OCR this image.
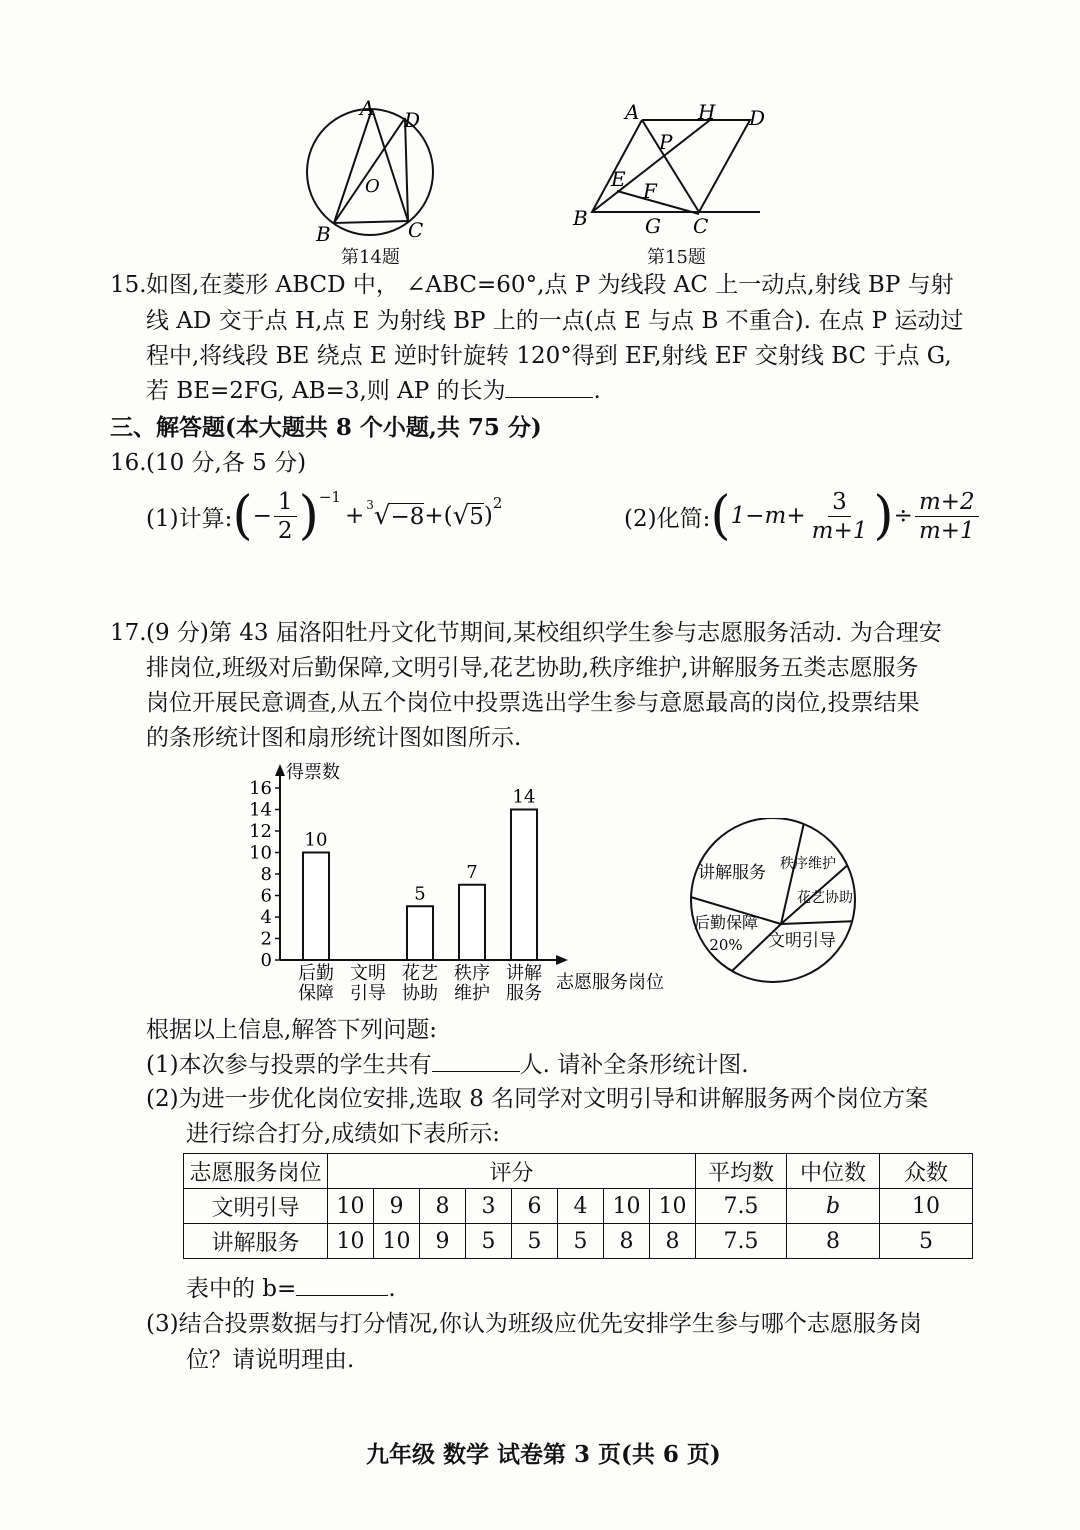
A D
O
B	C
第14题
A	H D
P
E F
B	G C
第15题
15. 如图,在菱形 ABCD 中， ∠ABC=60°,点 P 为线段 AC 上一动点,射线 BP 与射
线 AD 交于点 H,点 E 为射线 BP 上的一点(点 E 与点 B 不重合). 在点 P 运动过
程中,将线段 BE 绕点 E 逆时针旋转 120°得到 EF,射线 EF 交射线 BC 于点 G,
若 BE=2FG, AB=3,则 AP 的长为	.
三、解答题(本大题共 8 个小题,共 75 分)
16. (10 分,各 5 分)
(1)计算: ( − $\frac{1}{2} )^{-1}$
+$^3$ √ −8 +( √ 5 )$^2$
(2)化简: ( $1-m+ \frac{3}{m+1}$ ) ÷ $\frac{m+2}{m+1}$
17. (9 分)第 43 届洛阳牡丹文化节期间,某校组织学生参与志愿服务活动. 为合理安
排岗位,班级对后勤保障,文明引导,花艺协助,秩序维护,讲解服务五类志愿服务
岗位开展民意调查,从五个岗位中投票选出学生参与意愿最高的岗位,投票结果
的条形统计图和扇形统计图如图所示.
得票数
志愿服务岗位
0
2
4
6
8
10
12
14
16
10
后勤
保障
文明
引导
5
花艺
协助
7
秩序
维护
14
讲解
服务
讲解服务 秩序维护
花艺协助
文明引导
后勤保障
20%
根据以上信息,解答下列问题:
(1)本次参与投票的学生共有	人. 请补全条形统计图.
(2)为进一步优化岗位安排,选取 8 名同学对文明引导和讲解服务两个岗位方案
进行综合打分,成绩如下表所示:
志愿服务岗位	评分								平均数	中位数	众数
文明引导	10	9	8	3	6	4	10	10	7.5	b	10
讲解服务	10	10	9	5	5	5	8	8	7.5	8	5
表中的 b=	.
(3)结合投票数据与打分情况,你认为班级应优先安排学生参与哪个志愿服务岗
位？请说明理由.
九年级 数学 试卷第 3 页(共 6 页)
